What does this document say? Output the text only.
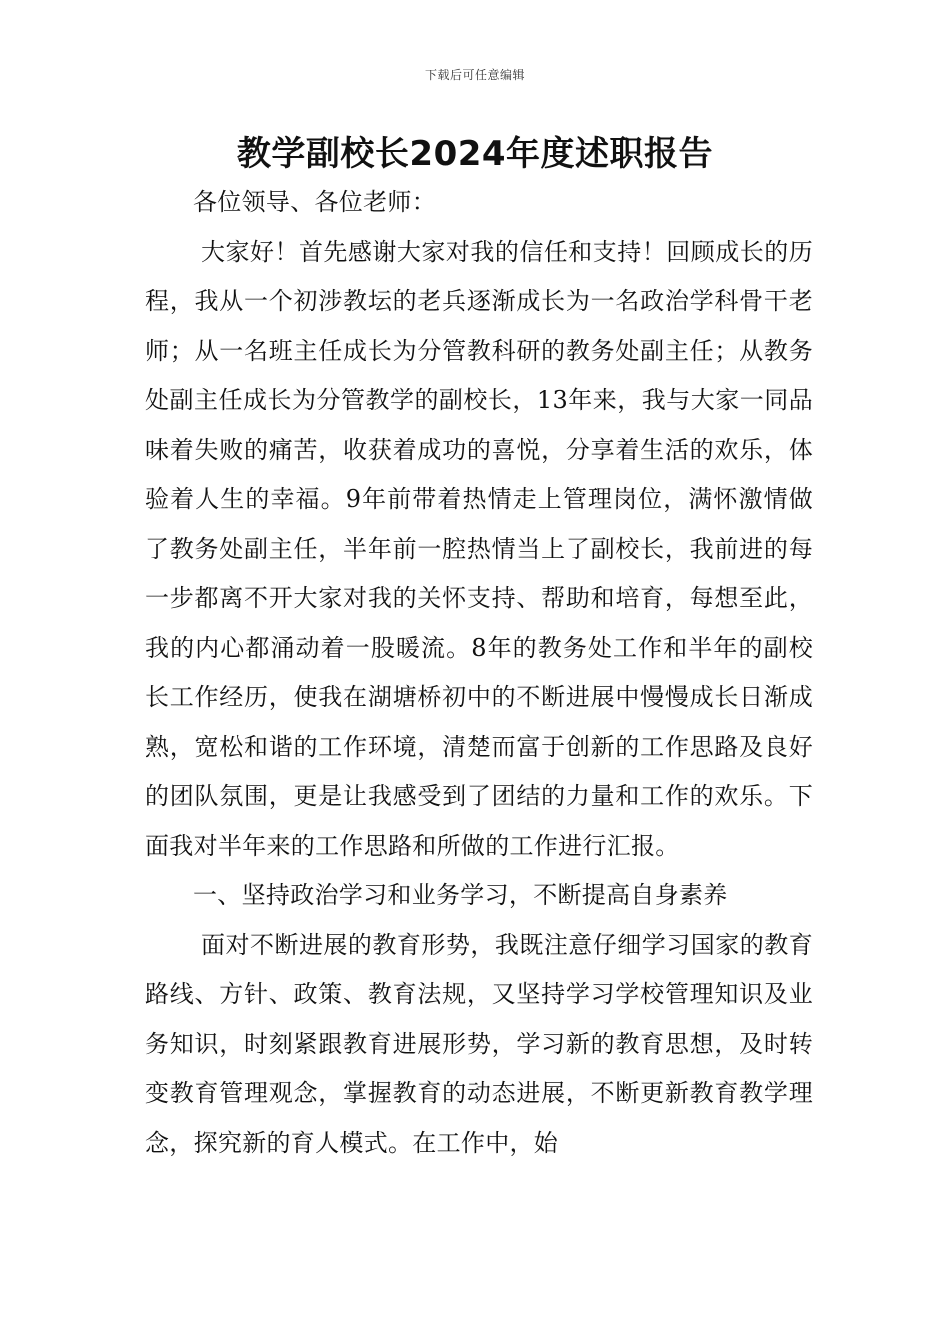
下载后可任意编辑
教学副校长2024年度述职报告

各位领导、各位老师：

大家好！首先感谢大家对我的信任和支持！回顾成长的历程，我从一个初涉教坛的老兵逐渐成长为一名政治学科骨干老师；从一名班主任成长为分管教科研的教务处副主任；从教务处副主任成长为分管教学的副校长，13年来，我与大家一同品味着失败的痛苦，收获着成功的喜悦，分享着生活的欢乐，体验着人生的幸福。9年前带着热情走上管理岗位，满怀激情做了教务处副主任，半年前一腔热情当上了副校长，我前进的每一步都离不开大家对我的关怀支持、帮助和培育，每想至此，我的内心都涌动着一股暖流。8年的教务处工作和半年的副校长工作经历，使我在湖塘桥初中的不断进展中慢慢成长日渐成熟，宽松和谐的工作环境，清楚而富于创新的工作思路及良好的团队氛围，更是让我感受到了团结的力量和工作的欢乐。下面我对半年来的工作思路和所做的工作进行汇报。

一、坚持政治学习和业务学习，不断提高自身素养

面对不断进展的教育形势，我既注意仔细学习国家的教育路线、方针、政策、教育法规，又坚持学习学校管理知识及业务知识，时刻紧跟教育进展形势，学习新的教育思想，及时转变教育管理观念，掌握教育的动态进展，不断更新教育教学理念，探究新的育人模式。在工作中，始
